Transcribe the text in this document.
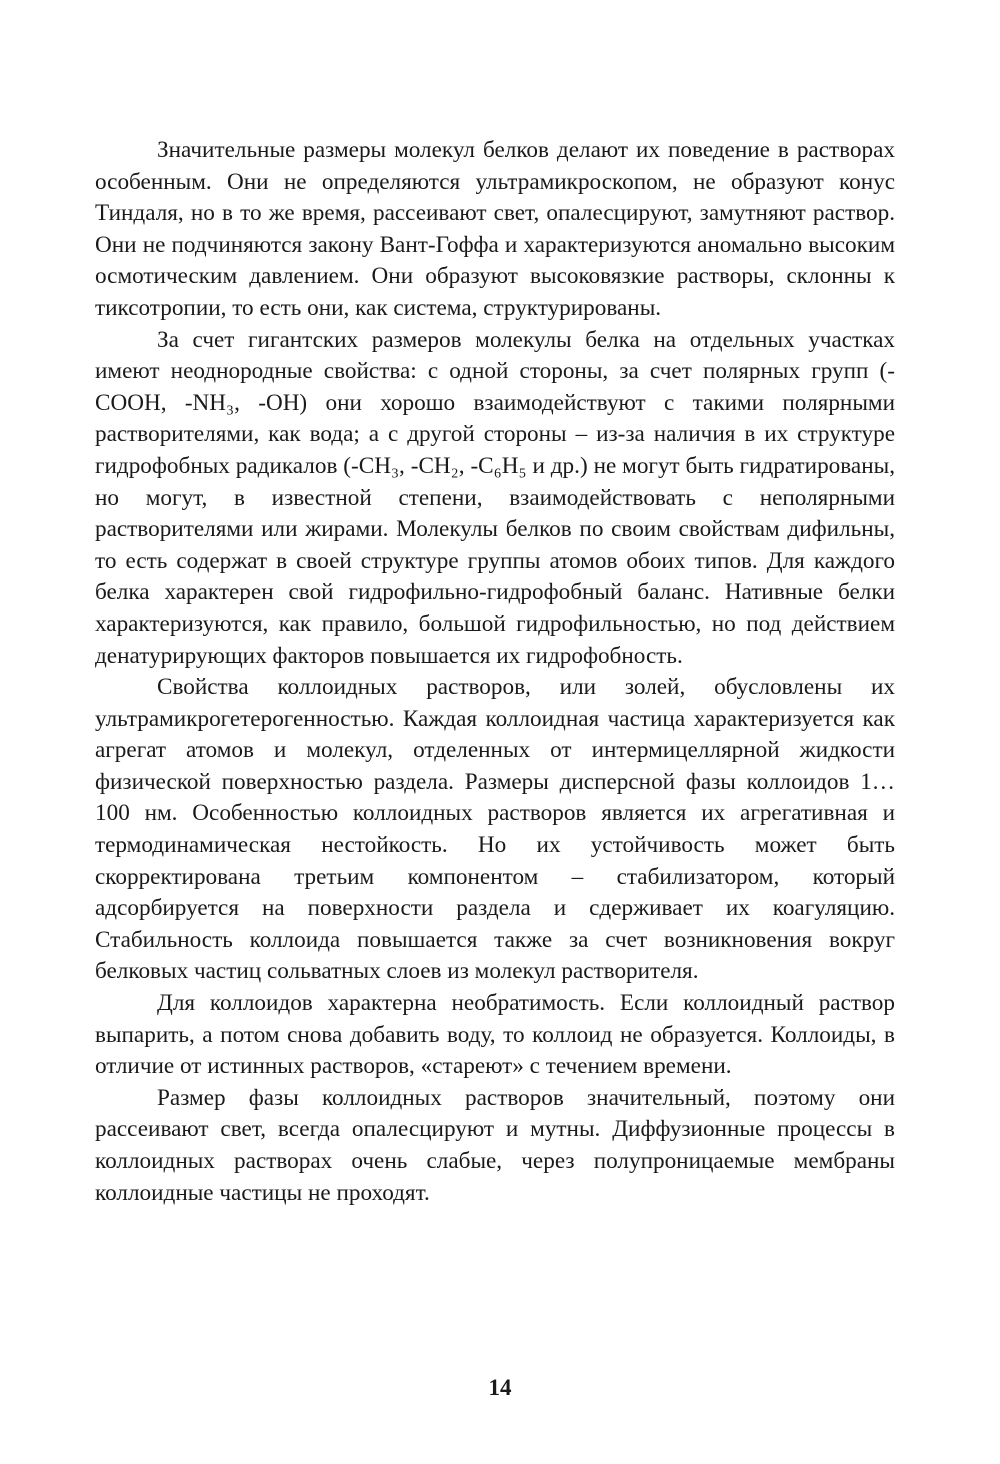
Значительные размеры молекул белков делают их поведение в растворах особенным. Они не определяются ультрамикроскопом, не образуют конус Тиндаля, но в то же время, рассеивают свет, опалесцируют, замутняют раствор. Они не подчиняются закону Вант-Гоффа и характеризуются аномально высоким осмотическим давлением. Они образуют высоковязкие растворы, склонны к тиксотропии, то есть они, как система, структурированы.

За счет гигантских размеров молекулы белка на отдельных участках имеют неоднородные свойства: с одной стороны, за счет полярных групп (-СООН, -NH₃, -ОН) они хорошо взаимодействуют с такими полярными растворителями, как вода; а с другой стороны – из-за наличия в их структуре гидрофобных радикалов (-СН₃, -СН₂, -С₆Н₅ и др.) не могут быть гидратированы, но могут, в известной степени, взаимодействовать с неполярными растворителями или жирами. Молекулы белков по своим свойствам дифильны, то есть содержат в своей структуре группы атомов обоих типов. Для каждого белка характерен свой гидрофильно-гидрофобный баланс. Нативные белки характеризуются, как правило, большой гидрофильностью, но под действием денатурирующих факторов повышается их гидрофобность.

Свойства коллоидных растворов, или золей, обусловлены их ультрамикрогетерогенностью. Каждая коллоидная частица характеризуется как агрегат атомов и молекул, отделенных от интермицеллярной жидкости физической поверхностью раздела. Размеры дисперсной фазы коллоидов 1…100 нм. Особенностью коллоидных растворов является их агрегативная и термодинамическая нестойкость. Но их устойчивость может быть скорректирована третьим компонентом – стабилизатором, который адсорбируется на поверхности раздела и сдерживает их коагуляцию. Стабильность коллоида повышается также за счет возникновения вокруг белковых частиц сольватных слоев из молекул растворителя.

Для коллоидов характерна необратимость. Если коллоидный раствор выпарить, а потом снова добавить воду, то коллоид не образуется. Коллоиды, в отличие от истинных растворов, «стареют» с течением времени.

Размер фазы коллоидных растворов значительный, поэтому они рассеивают свет, всегда опалесцируют и мутны. Диффузионные процессы в коллоидных растворах очень слабые, через полупроницаемые мембраны коллоидные частицы не проходят.

14
